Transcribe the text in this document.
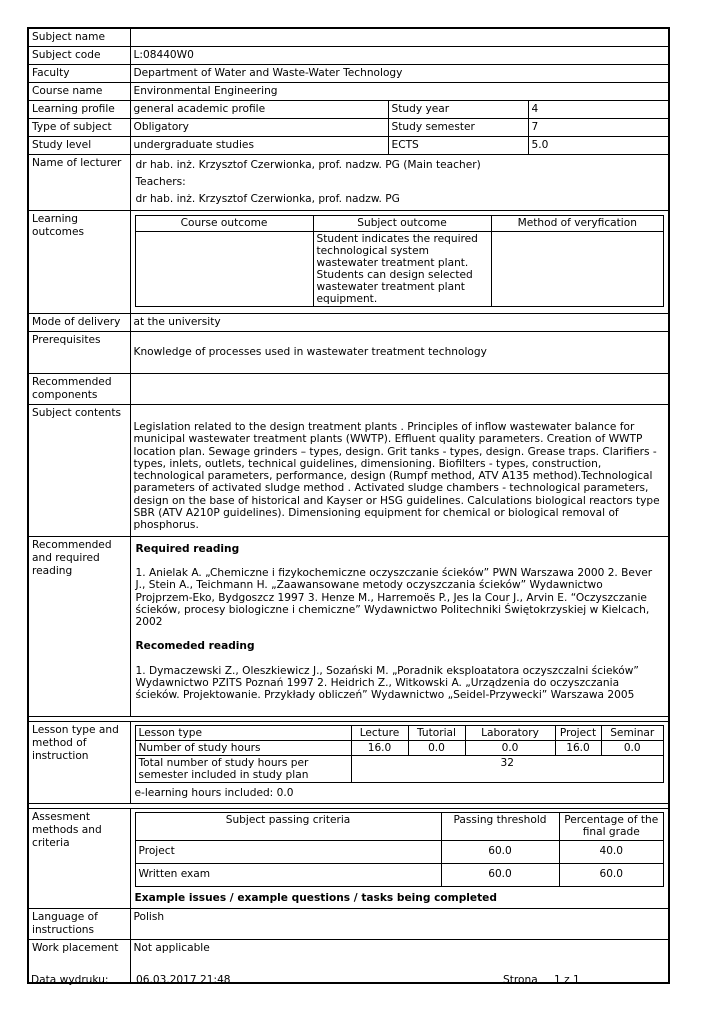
Subject name	
Subject code	L:08440W0
Faculty	Department of Water and Waste-Water Technology
Course name	Environmental Engineering
Learning profile	general academic profile	Study year	4
Type of subject	Obligatory	Study semester	7
Study level	undergraduate studies	ECTS	5.0
Name of lecturer	dr hab. inż. Krzysztof Czerwionka, prof. nadzw. PG (Main teacher)

Teachers:

dr hab. inż. Krzysztof Czerwionka, prof. nadzw. PG

Learning outcomes	
Course outcome	Subject outcome	Method of veryfication
	Student indicates the required technological system wastewater treatment plant. Students can design selected wastewater treatment plant equipment.	

Mode of delivery	at the university
Prerequisites	Knowledge of processes used in wastewater treatment technology
Recommended components	
Subject contents	Legislation related to the design treatment plants . Principles of inflow wastewater balance for municipal wastewater treatment plants (WWTP). Effluent quality parameters. Creation of WWTP location plan. Sewage grinders – types, design. Grit tanks - types, design. Grease traps. Clarifiers - types, inlets, outlets, technical guidelines, dimensioning. Biofilters - types, construction, technological parameters, performance, design (Rumpf method, ATV A135 method).Technological parameters of activated sludge method . Activated sludge chambers - technological parameters, design on the base of historical and Kayser or HSG guidelines. Calculations biological reactors type SBR (ATV A210P guidelines). Dimensioning equipment for chemical or biological removal of phosphorus.
Recommended and required reading	

Required reading

1. Anielak A. „Chemiczne i fizykochemiczne oczyszczanie ścieków” PWN Warszawa 2000 2. Bever J., Stein A., Teichmann H. „Zaawansowane metody oczyszczania ścieków” Wydawnictwo Projprzem-Eko, Bydgoszcz 1997 3. Henze M., Harremoës P., Jes la Cour J., Arvin E. “Oczyszczanie ścieków, procesy biologiczne i chemiczne” Wydawnictwo Politechniki Świętokrzyskiej w Kielcach, 2002

Recomeded reading

1. Dymaczewski Z., Oleszkiewicz J., Sozański M. „Poradnik eksploatatora oczyszczalni ścieków” Wydawnictwo PZITS Poznań 1997 2. Heidrich Z., Witkowski A. „Urządzenia do oczyszczania ścieków. Projektowanie. Przykłady obliczeń” Wydawnictwo „Seidel-Przywecki” Warszawa 2005

Lesson type and method of instruction	
Lesson type	Lecture	Tutorial	Laboratory	Project	Seminar
Number of study hours	16.0	0.0	0.0	16.0	0.0
Total number of study hours per semester included in study plan	32

e-learning hours included: 0.0

Assesment methods and criteria	
Subject passing criteria	Passing threshold	Percentage of the final grade
Project	60.0	40.0
Written exam	60.0	60.0

Example issues / example questions / tasks being completed

Language of instructions	Polish
Work placement	Not applicable
Data wydruku:	06.03.2017 21:48	Strona 1 z 1
